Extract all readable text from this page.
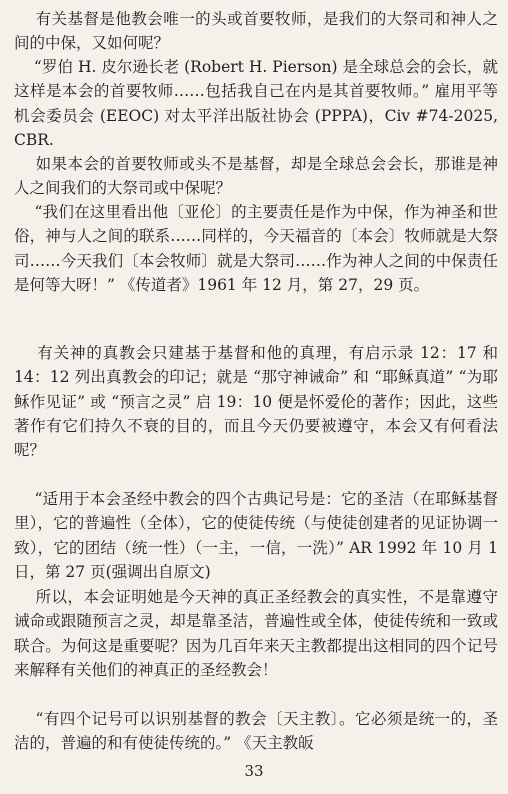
有关基督是他教会唯一的头或首要牧师，是我们的大祭司和神人之间的中保，又如何呢？

“罗伯 H. 皮尔逊长老 (Robert H. Pierson) 是全球总会的会长，就这样是本会的首要牧师……包括我自己在内是其首要牧师。” 雇用平等机会委员会 (EEOC) 对太平洋出版社协会 (PPPA)，Civ #74-2025, CBR.

如果本会的首要牧师或头不是基督，却是全球总会会长，那谁是神人之间我们的大祭司或中保呢？

“我们在这里看出他〔亚伦〕的主要责任是作为中保，作为神圣和世俗，神与人之间的联系……同样的，今天福音的〔本会〕牧师就是大祭司……今天我们〔本会牧师〕就是大祭司……作为神人之间的中保责任是何等大呀！” 《传道者》1961 年 12 月，第 27，29 页。

有关神的真教会只建基于基督和他的真理，有启示录 12：17 和 14：12 列出真教会的印记；就是 “那守神诫命” 和 “耶稣真道” “为耶稣作见证” 或 “预言之灵” 启 19：10 便是怀爱伦的著作；因此，这些著作有它们持久不衰的目的，而且今天仍要被遵守，本会又有何看法呢？

“适用于本会圣经中教会的四个古典记号是：它的圣洁（在耶稣基督里），它的普遍性（全体），它的使徒传统（与使徒创建者的见证协调一致），它的团结（统一性）（一主，一信，一洗）” AR 1992 年 10 月 1 日，第 27 页(强调出自原文)

所以，本会证明她是今天神的真正圣经教会的真实性，不是靠遵守诫命或跟随预言之灵，却是靠圣洁，普遍性或全体，使徒传统和一致或联合。为何这是重要呢？因为几百年来天主教都提出这相同的四个记号来解释有关他们的神真正的圣经教会！

“有四个记号可以识别基督的教会〔天主教〕。它必须是统一的，圣洁的，普遍的和有使徒传统的。” 《天主教皈

33
